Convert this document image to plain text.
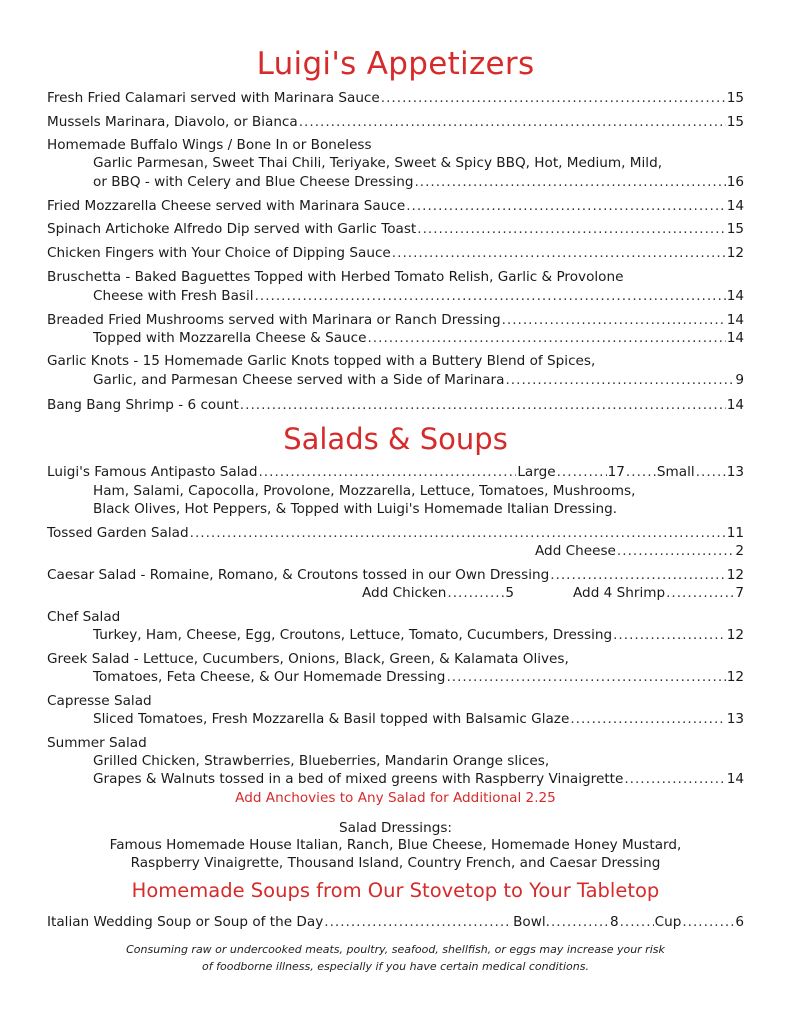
Luigi's Appetizers
Fresh Fried Calamari served with Marinara Sauce .....	15
Mussels Marinara, Diavolo, or Bianca .....	15
Homemade Buffalo Wings / Bone In or Boneless
Garlic Parmesan, Sweet Thai Chili, Teriyake, Sweet & Spicy BBQ, Hot, Medium, Mild,
or BBQ - with Celery and Blue Cheese Dressing .....	16
Fried Mozzarella Cheese served with Marinara Sauce .....	14
Spinach Artichoke Alfredo Dip served with Garlic Toast .....	15
Chicken Fingers with Your Choice of Dipping Sauce .....	12
Bruschetta - Baked Baguettes Topped with Herbed Tomato Relish, Garlic & Provolone
Cheese with Fresh Basil .....	14
Breaded Fried Mushrooms served with Marinara or Ranch Dressing .....	14
Topped with Mozzarella Cheese & Sauce .....	14
Garlic Knots - 15 Homemade Garlic Knots topped with a Buttery Blend of Spices,
Garlic, and Parmesan Cheese served with a Side of Marinara .....	9
Bang Bang Shrimp - 6 count .....	14
Salads & Soups
Luigi's Famous Antipasto Salad .....	Large .....	17 ..... Small ..... 13
Ham, Salami, Capocolla, Provolone, Mozzarella, Lettuce, Tomatoes, Mushrooms,
Black Olives, Hot Peppers, & Topped with Luigi's Homemade Italian Dressing.
Tossed Garden Salad .....	11
Add Cheese .....	2
Caesar Salad - Romaine, Romano, & Croutons tossed in our Own Dressing .....	12
Add Chicken .....	5	Add 4 Shrimp .....	7
Chef Salad
Turkey, Ham, Cheese, Egg, Croutons, Lettuce, Tomato, Cucumbers, Dressing .....	12
Greek Salad - Lettuce, Cucumbers, Onions, Black, Green, & Kalamata Olives,
Tomatoes, Feta Cheese, & Our Homemade Dressing .....	12
Capresse Salad
Sliced Tomatoes, Fresh Mozzarella & Basil topped with Balsamic Glaze .....	13
Summer Salad
Grilled Chicken, Strawberries, Blueberries, Mandarin Orange slices,
Grapes & Walnuts tossed in a bed of mixed greens with Raspberry Vinaigrette .....	14
Add Anchovies to Any Salad for Additional 2.25
Salad Dressings:
Famous Homemade House Italian, Ranch, Blue Cheese, Homemade Honey Mustard,
Raspberry Vinaigrette, Thousand Island, Country French, and Caesar Dressing
Homemade Soups from Our Stovetop to Your Tabletop
Italian Wedding Soup or Soup of the Day .....	Bowl. .....	8 .....	Cup .....	6
Consuming raw or undercooked meats, poultry, seafood, shellfish, or eggs may increase your risk
of foodborne illness, especially if you have certain medical conditions.
